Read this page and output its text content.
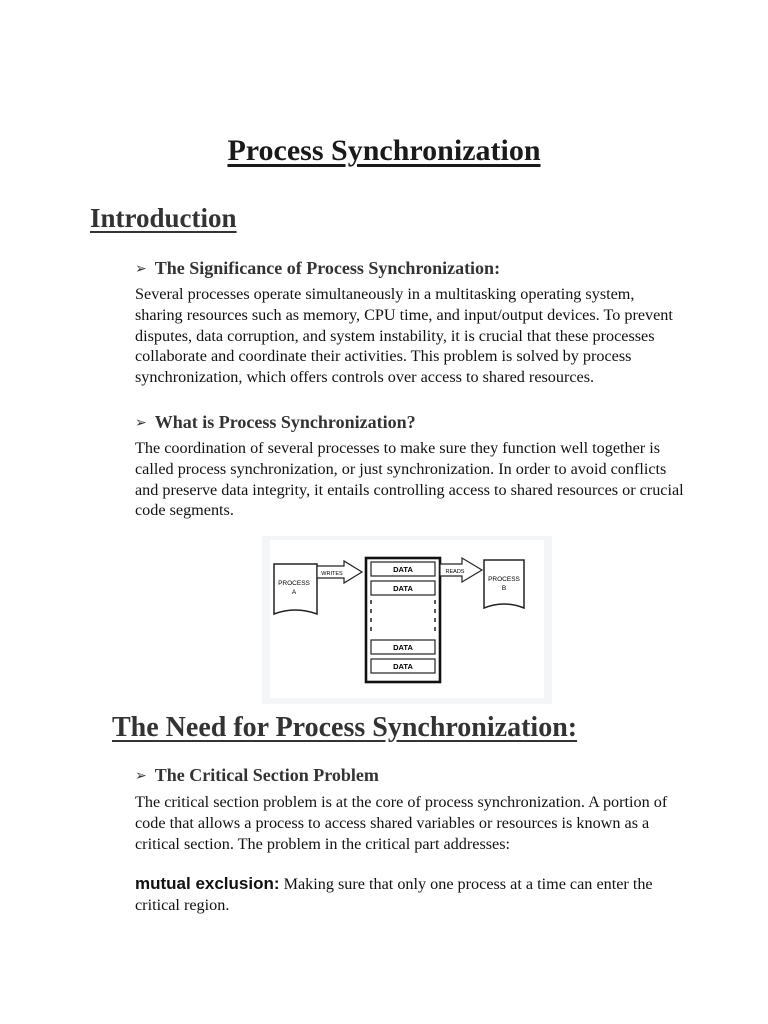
Process Synchronization
Introduction
➢ The Significance of Process Synchronization:
Several processes operate simultaneously in a multitasking operating system, sharing resources such as memory, CPU time, and input/output devices. To prevent disputes, data corruption, and system instability, it is crucial that these processes collaborate and coordinate their activities. This problem is solved by process synchronization, which offers controls over access to shared resources.
➢ What is Process Synchronization?
The coordination of several processes to make sure they function well together is called process synchronization, or just synchronization. In order to avoid conflicts and preserve data integrity, it entails controlling access to shared resources or crucial code segments.
PROCESS
A
WRITES	DATA
DATA
DATA
DATA
READS
PROCESS
B
The Need for Process Synchronization:
➢ The Critical Section Problem
The critical section problem is at the core of process synchronization. A portion of code that allows a process to access shared variables or resources is known as a critical section. The problem in the critical part addresses:
mutual exclusion: Making sure that only one process at a time can enter the critical region.
